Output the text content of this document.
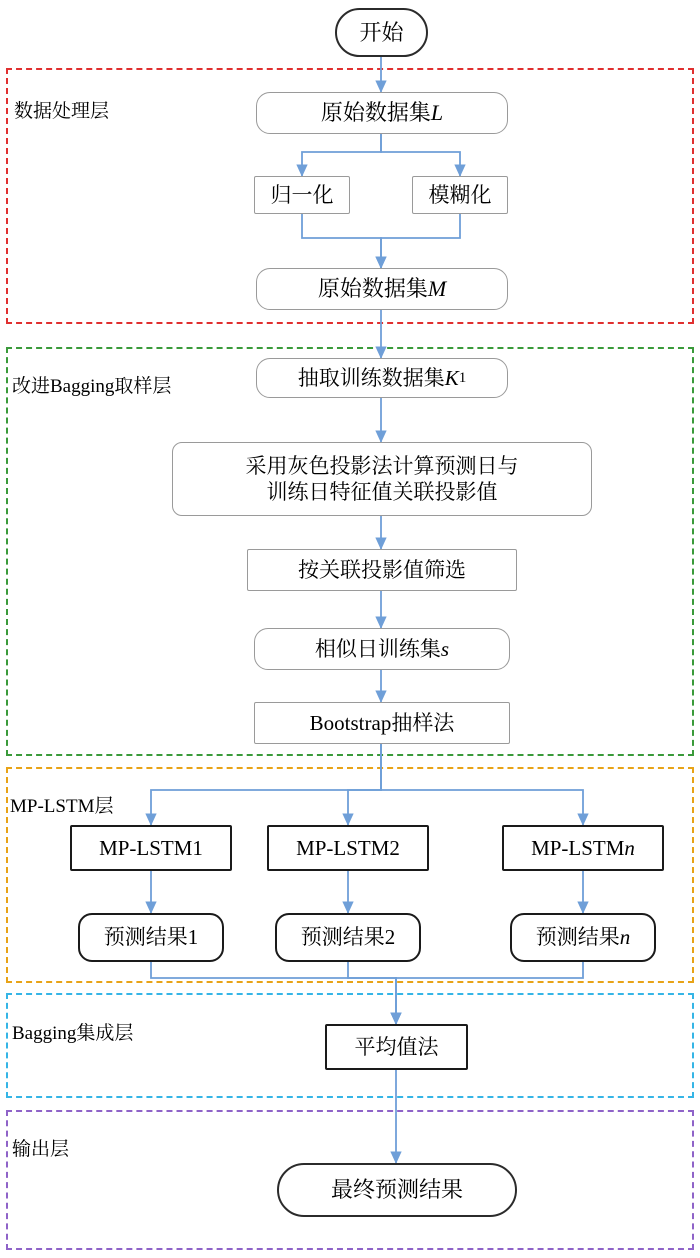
数据处理层
改进Bagging取样层
MP-LSTM层
Bagging集成层
输出层
开始
原始数据集 L
归一化	模糊化
原始数据集 M
抽取训练数据集 K 1
采用灰色投影法计算预测日与
训练日特征值关联投影值
按关联投影值筛选
相似日训练集 s
Bootstrap抽样法
MP-LSTM 1	MP-LSTM 2	MP-LSTM n
预测结果 1	预测结果 2	预测结果 n
平均值法
最终预测结果
